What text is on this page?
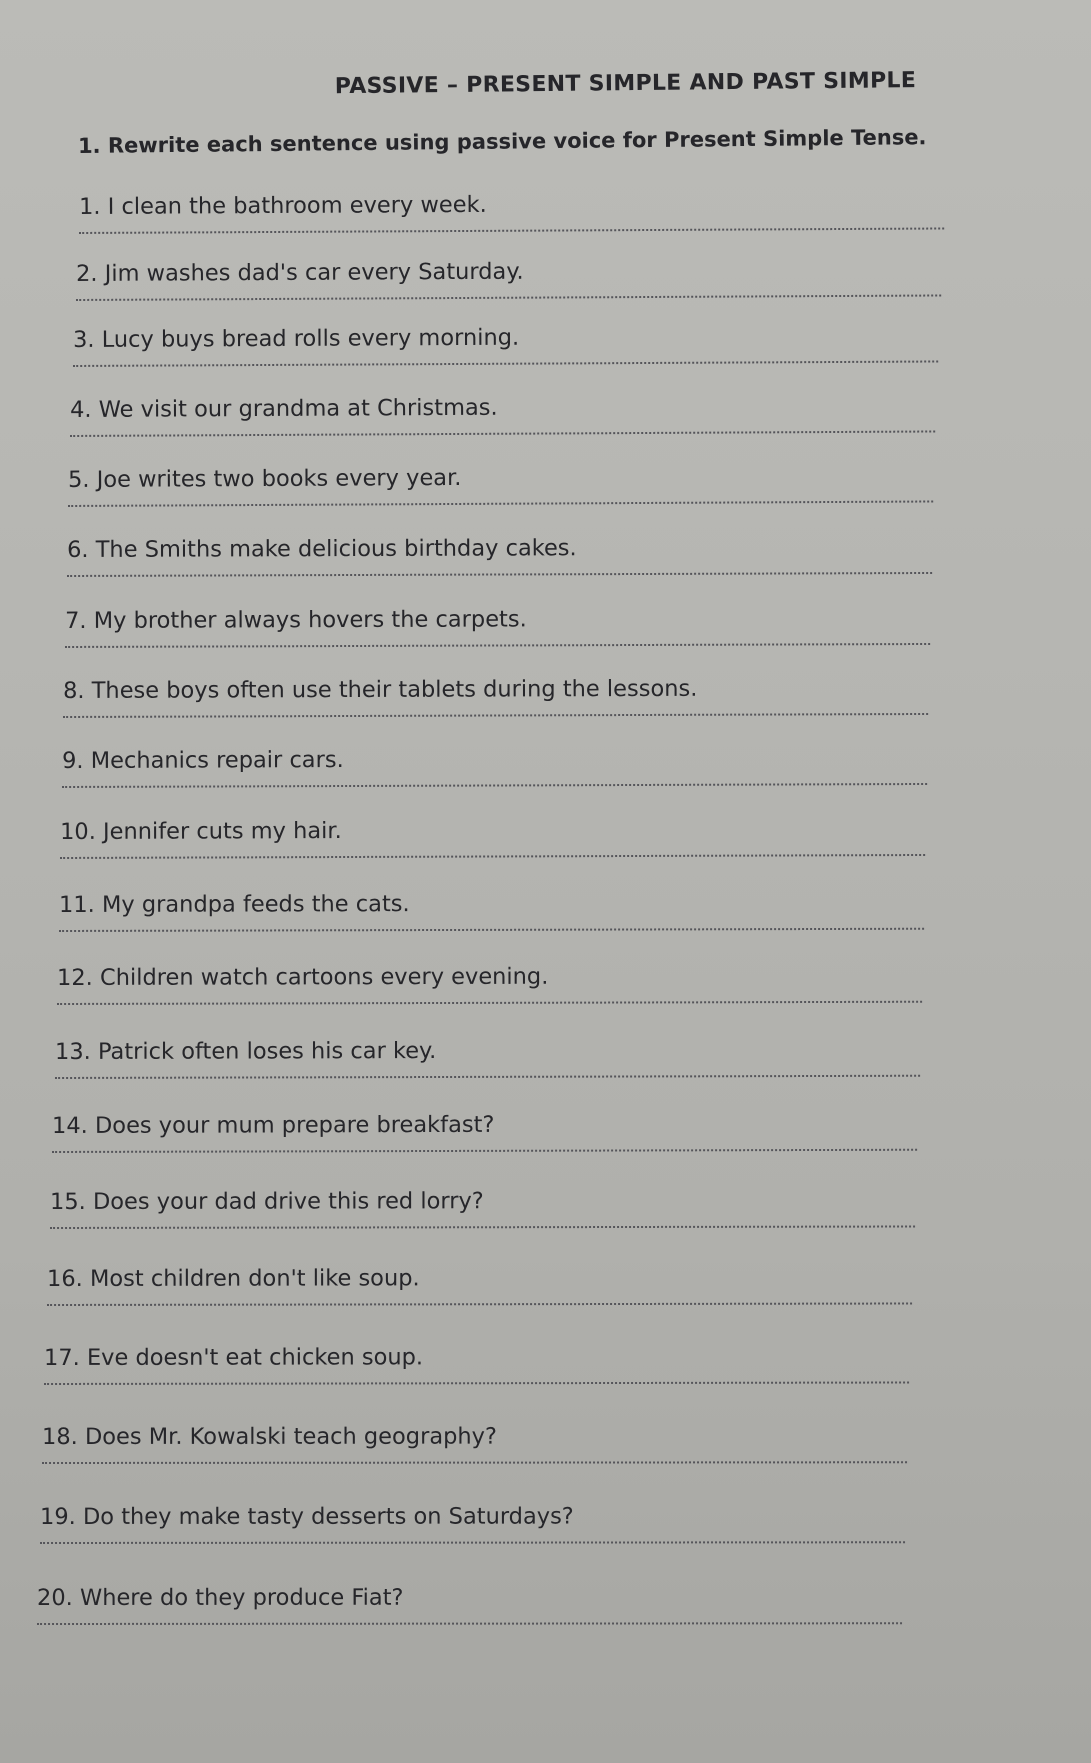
PASSIVE – PRESENT SIMPLE AND PAST SIMPLE
1. Rewrite each sentence using passive voice for Present Simple Tense.
1. I clean the bathroom every week.
2. Jim washes dad's car every Saturday.
3. Lucy buys bread rolls every morning.
4. We visit our grandma at Christmas.
5. Joe writes two books every year.
6. The Smiths make delicious birthday cakes.
7. My brother always hovers the carpets.
8. These boys often use their tablets during the lessons.
9. Mechanics repair cars.
10. Jennifer cuts my hair.
11. My grandpa feeds the cats.
12. Children watch cartoons every evening.
13. Patrick often loses his car key.
14. Does your mum prepare breakfast?
15. Does your dad drive this red lorry?
16. Most children don't like soup.
17. Eve doesn't eat chicken soup.
18. Does Mr. Kowalski teach geography?
19. Do they make tasty desserts on Saturdays?
20. Where do they produce Fiat?
